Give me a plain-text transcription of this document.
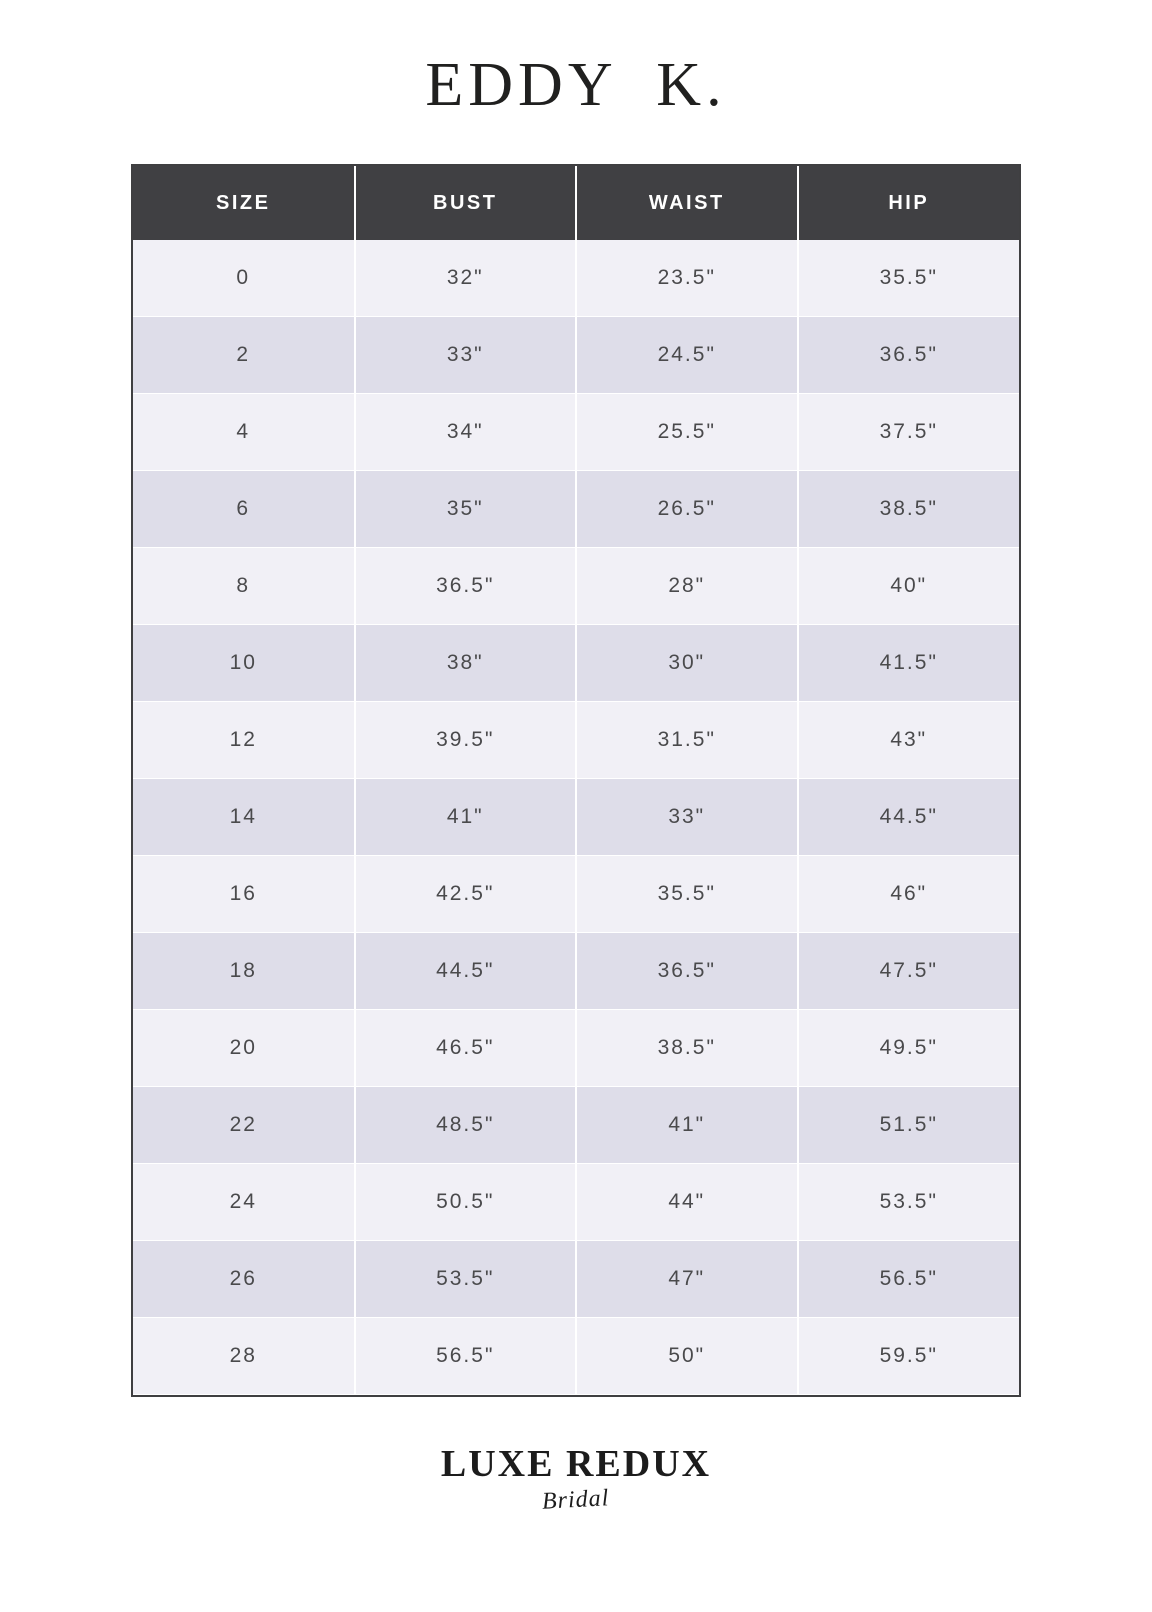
EDDY  K.
SIZE	BUST	WAIST	HIP
0	32"	23.5"	35.5"
2	33"	24.5"	36.5"
4	34"	25.5"	37.5"
6	35"	26.5"	38.5"
8	36.5"	28"	40"
10	38"	30"	41.5"
12	39.5"	31.5"	43"
14	41"	33"	44.5"
16	42.5"	35.5"	46"
18	44.5"	36.5"	47.5"
20	46.5"	38.5"	49.5"
22	48.5"	41"	51.5"
24	50.5"	44"	53.5"
26	53.5"	47"	56.5"
28	56.5"	50"	59.5"
LUXE REDUX
Bridal
